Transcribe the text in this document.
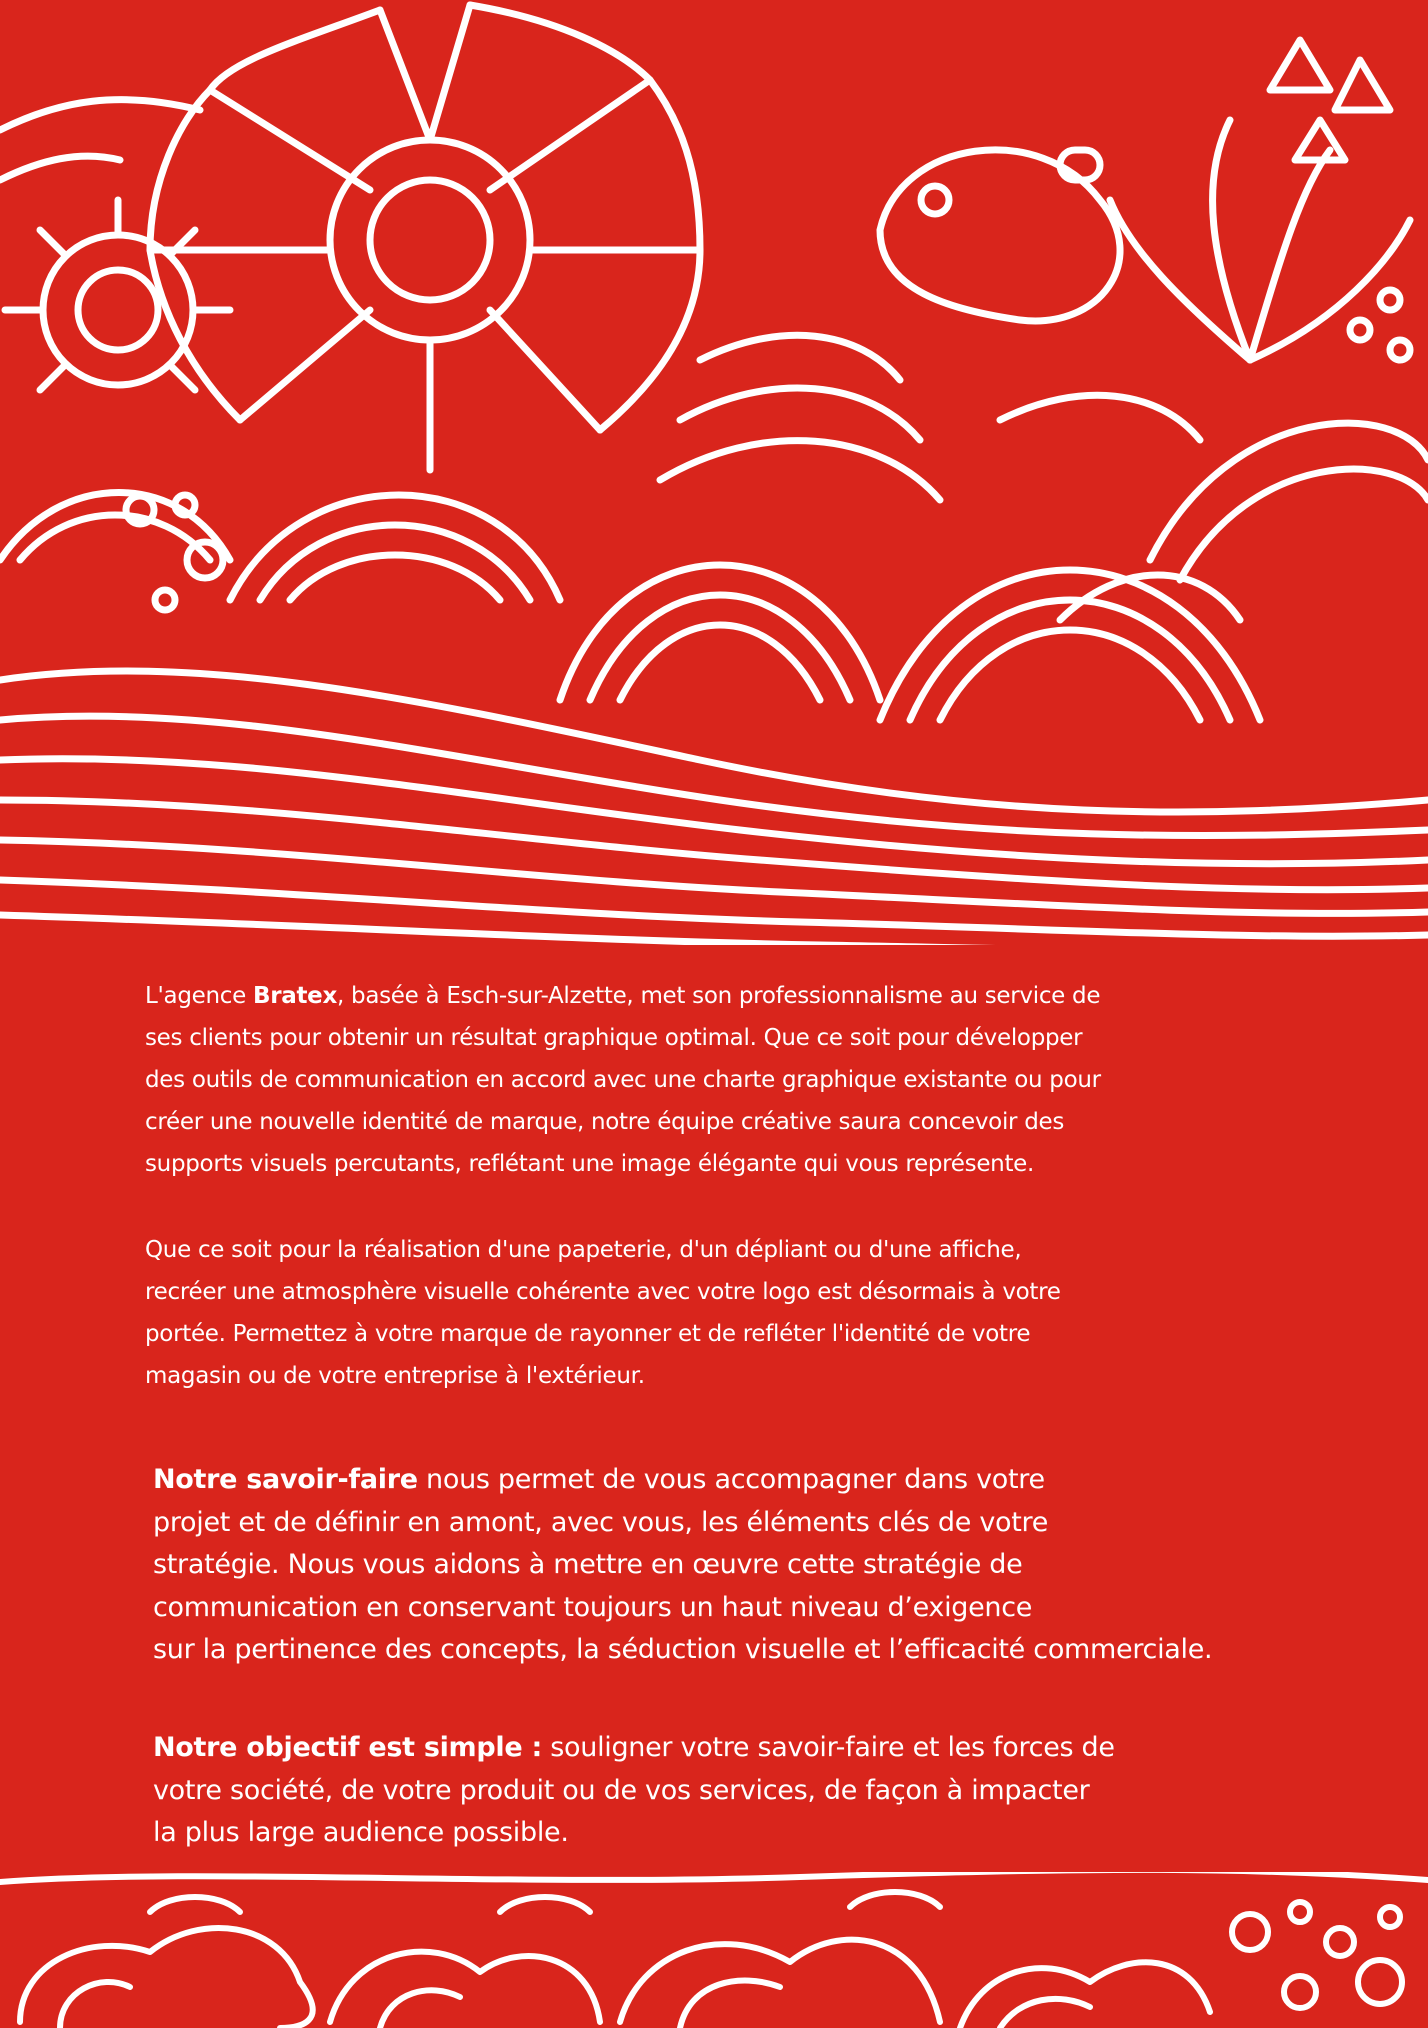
L'agence Bratex, basée à Esch-sur-Alzette, met son professionnalisme au service de
ses clients pour obtenir un résultat graphique optimal. Que ce soit pour développer
des outils de communication en accord avec une charte graphique existante ou pour
créer une nouvelle identité de marque, notre équipe créative saura concevoir des
supports visuels percutants, reflétant une image élégante qui vous représente.

Que ce soit pour la réalisation d'une papeterie, d'un dépliant ou d'une affiche,
recréer une atmosphère visuelle cohérente avec votre logo est désormais à votre
portée. Permettez à votre marque de rayonner et de refléter l'identité de votre
magasin ou de votre entreprise à l'extérieur.

Notre savoir-faire nous permet de vous accompagner dans votre
projet et de définir en amont, avec vous, les éléments clés de votre
stratégie. Nous vous aidons à mettre en œuvre cette stratégie de
communication en conservant toujours un haut niveau d’exigence
sur la pertinence des concepts, la séduction visuelle et l’efficacité commerciale.

Notre objectif est simple : souligner votre savoir-faire et les forces de
votre société, de votre produit ou de vos services, de façon à impacter
la plus large audience possible.
